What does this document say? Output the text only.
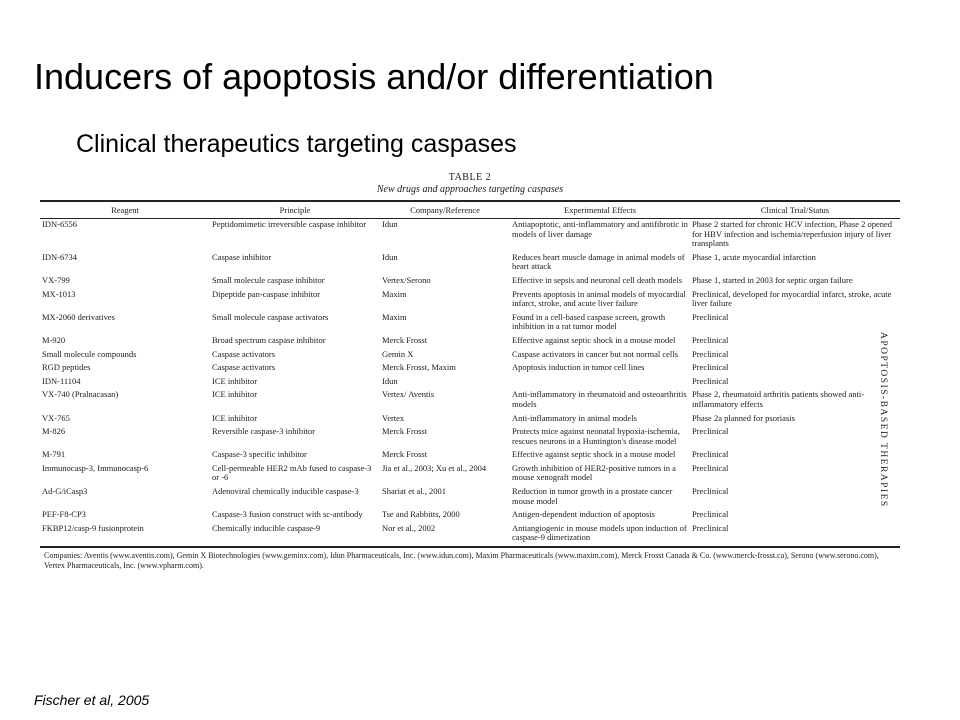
Inducers of apoptosis and/or differentiation
Clinical therapeutics targeting caspases
TABLE 2
New drugs and approaches targeting caspases
Reagent	Principle	Company/Reference	Experimental Effects	Clinical Trial/Status
IDN-6556	Peptidomimetic irreversible caspase inhibitor	Idun	Antiapoptotic, anti-inflammatory and antifibrotic in models of liver damage	Phase 2 started for chronic HCV infection, Phase 2 opened for HBV infection and ischemia/reperfusion injury of liver transplants
IDN-6734	Caspase inhibitor	Idun	Reduces heart muscle damage in animal models of heart attack	Phase 1, acute myocardial infarction
VX-799	Small molecule caspase inhibitor	Vertex/Serono	Effective in sepsis and neuronal cell death models	Phase 1, started in 2003 for septic organ failure
MX-1013	Dipeptide pan-caspase inhibitor	Maxim	Prevents apoptosis in animal models of myocardial infarct, stroke, and acute liver failure	Preclinical, developed for myocardial infarct, stroke, acute liver failure
MX-2060 derivatives	Small molecule caspase activators	Maxim	Found in a cell-based caspase screen, growth inhibition in a rat tumor model	Preclinical
M-920	Broad spectrum caspase inhibitor	Merck Frosst	Effective against septic shock in a mouse model	Preclinical
Small molecule compounds	Caspase activators	Gemin X	Caspase activators in cancer but not normal cells	Preclinical
RGD peptides	Caspase activators	Merck Frosst, Maxim	Apoptosis induction in tumor cell lines	Preclinical
IDN-11104	ICE inhibitor	Idun		Preclinical
VX-740 (Pralnacasan)	ICE inhibitor	Vertex/ Aventis	Anti-inflammatory in rheumatoid and osteoarthritis models	Phase 2, rheumatoid arthritis patients showed anti-inflammatory effects
VX-765	ICE inhibitor	Vertex	Anti-inflammatory in animal models	Phase 2a planned for psoriasis
M-826	Reversible caspase-3 inhibitor	Merck Frosst	Protects mice against neonatal hypoxia-ischemia, rescues neurons in a Huntington's disease model	Preclinical
M-791	Caspase-3 specific inhibitor	Merck Frosst	Effective against septic shock in a mouse model	Preclinical
Immunocasp-3, Immunocasp-6	Cell-permeable HER2 mAb fused to caspase-3 or -6	Jia et al., 2003; Xu et al., 2004	Growth inhibition of HER2-positive tumors in a mouse xenograft model	Preclinical
Ad-G/iCasp3	Adenoviral chemically inducible caspase-3	Shariat et al., 2001	Reduction in tumor growth in a prostate cancer mouse model	Preclinical
PEF-F8-CP3	Caspase-3 fusion construct with sc-antibody	Tse and Rabbitts, 2000	Antigen-dependent induction of apoptosis	Preclinical
FKBP12/casp-9 fusionprotein	Chemically inducible caspase-9	Nor et al., 2002	Antiangiogenic in mouse models upon induction of caspase-9 dimerization	Preclinical
Companies: Aventis (www.aventis.com), Gemin X Biotechnologies (www.geminx.com), Idun Pharmaceuticals, Inc. (www.idun.com), Maxim Pharmaceuticals (www.maxim.com), Merck Frosst Canada & Co. (www.merck-frosst.ca), Serono (www.serono.com), Vertex Pharmaceuticals, Inc. (www.vpharm.com).
APOPTOSIS-BASED THERAPIES
Fischer et al, 2005
